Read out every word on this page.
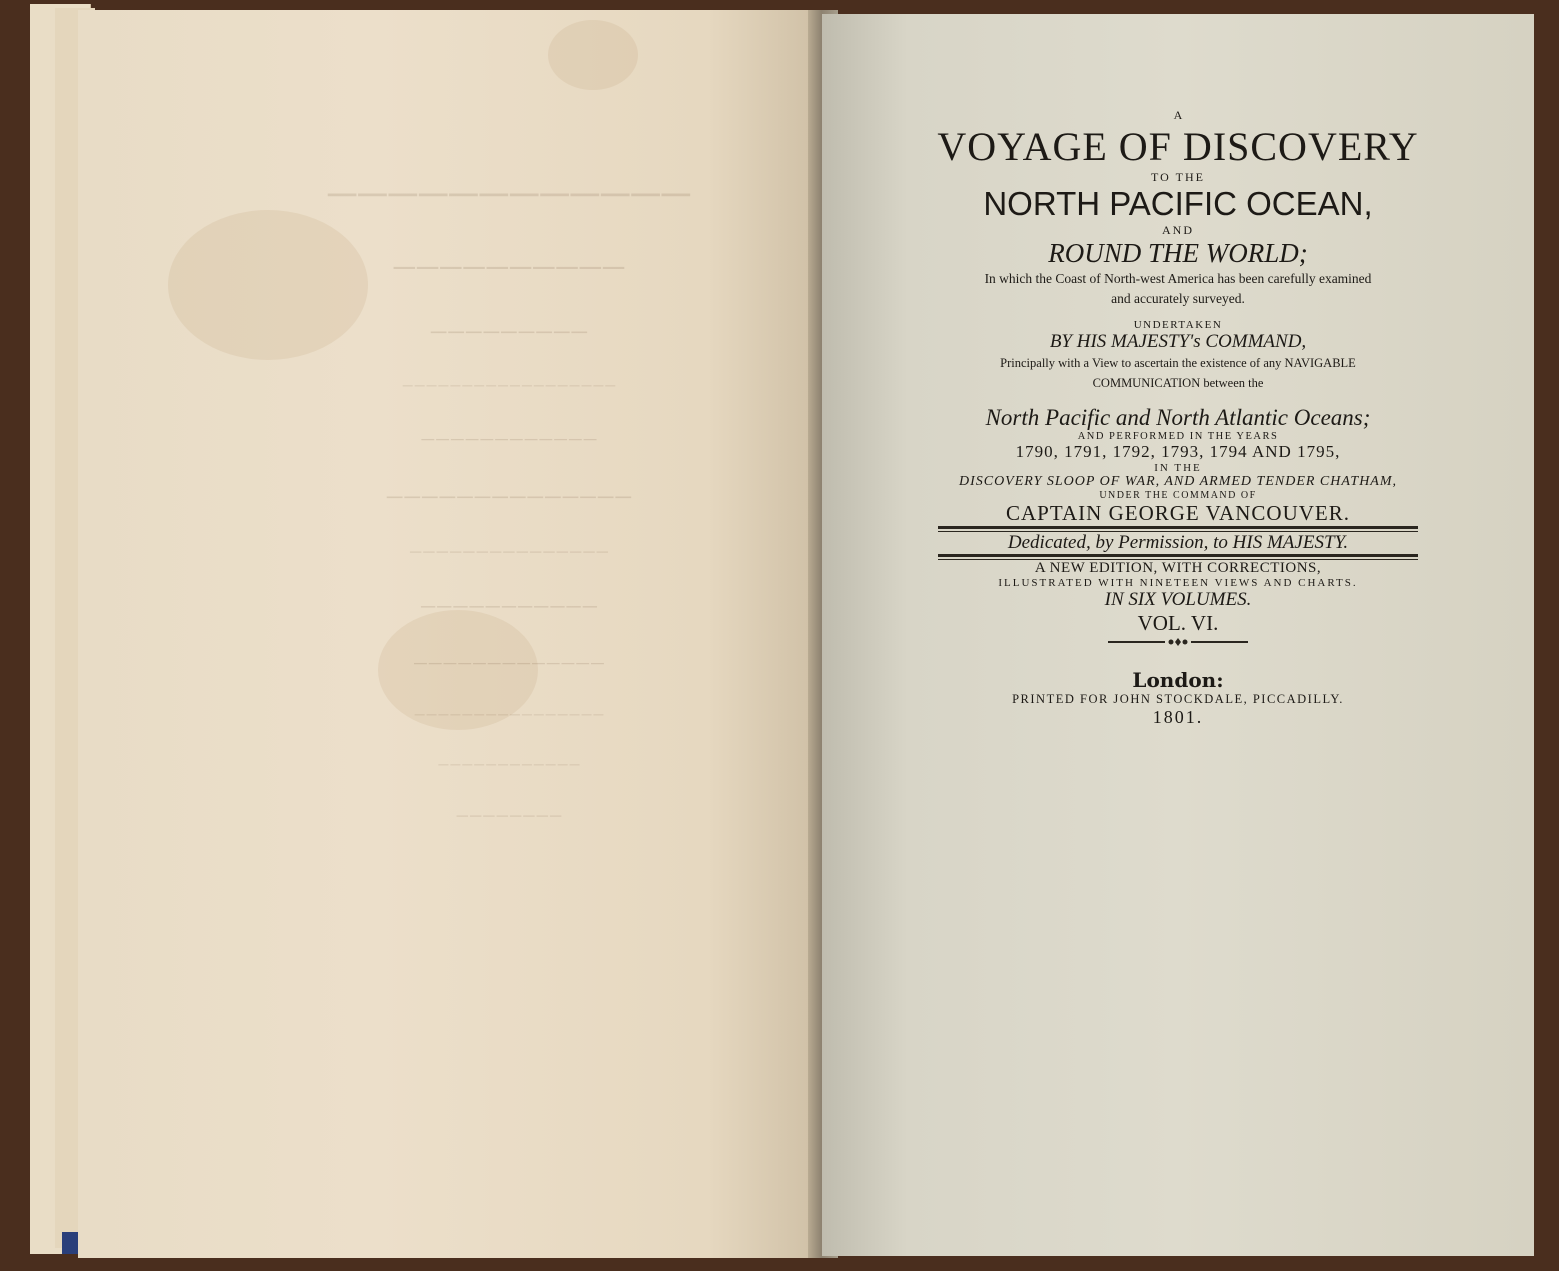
────────────
──────────
─────────
──────────────────
────────────
──────────────
───────────────
───────────
─────────────
────────────────
────────────
────────
A
VOYAGE OF DISCOVERY
TO THE
NORTH PACIFIC OCEAN,
AND
ROUND THE WORLD;
In which the Coast of North-west America has been carefully examined
and accurately surveyed.
UNDERTAKEN
BY HIS MAJESTY's COMMAND,
Principally with a View to ascertain the existence of any NAVIGABLE
COMMUNICATION between the
North Pacific and North Atlantic Oceans;
AND PERFORMED IN THE YEARS
1790, 1791, 1792, 1793, 1794 AND 1795,
IN THE
DISCOVERY SLOOP OF WAR, AND ARMED TENDER CHATHAM,
UNDER THE COMMAND OF
CAPTAIN GEORGE VANCOUVER.
Dedicated, by Permission, to HIS MAJESTY.
A NEW EDITION, WITH CORRECTIONS,
ILLUSTRATED WITH NINETEEN VIEWS AND CHARTS.
IN SIX VOLUMES.
VOL. VI.
London:
PRINTED FOR JOHN STOCKDALE, PICCADILLY.
1801.
